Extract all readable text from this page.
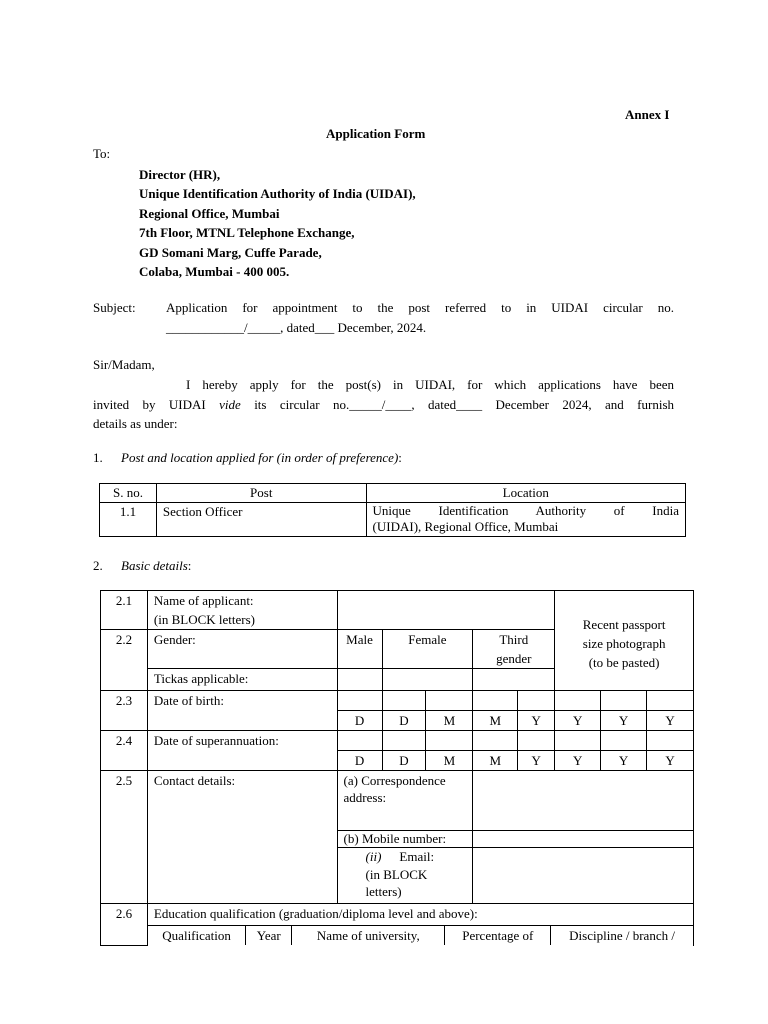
Annex I
Application Form
To:
Director (HR),
Unique Identification Authority of India (UIDAI),
Regional Office, Mumbai
7th Floor, MTNL Telephone Exchange,
GD Somani Marg, Cuffe Parade,
Colaba, Mumbai - 400 005.
Subject: Application for appointment to the post referred to in UIDAI circular no.
____________/_____, dated___ December, 2024.
Sir/Madam,
I hereby apply for the post(s) in UIDAI, for which applications have been
invited by UIDAI vide its circular no._____/____, dated____ December 2024, and furnish
details as under:
1. Post and location applied for (in order of preference):
S. no.	Post	Location
1.1	Section Officer	Unique Identification Authority of India
(UIDAI), Regional Office, Mumbai
2. Basic details:
2.1	Name of applicant:
(in BLOCK letters)		Recent passport
size photograph
(to be pasted)

2.2	Gender:	Male	Female	Third
gender

Tickas applicable:			
2.3	Date of birth:								
D	D	M	M	Y	Y	Y	Y
2.4	Date of superannuation:								
D	D	M	M	Y	Y	Y	Y
2.5	Contact details:	(a) Correspondence
address:

(b) Mobile number:	

(ii) Email:
(in BLOCK
letters)

2.6	Education qualification (graduation/diploma level and above):

Qualification	Year	Name of university,	Percentage of	Discipline / branch /
